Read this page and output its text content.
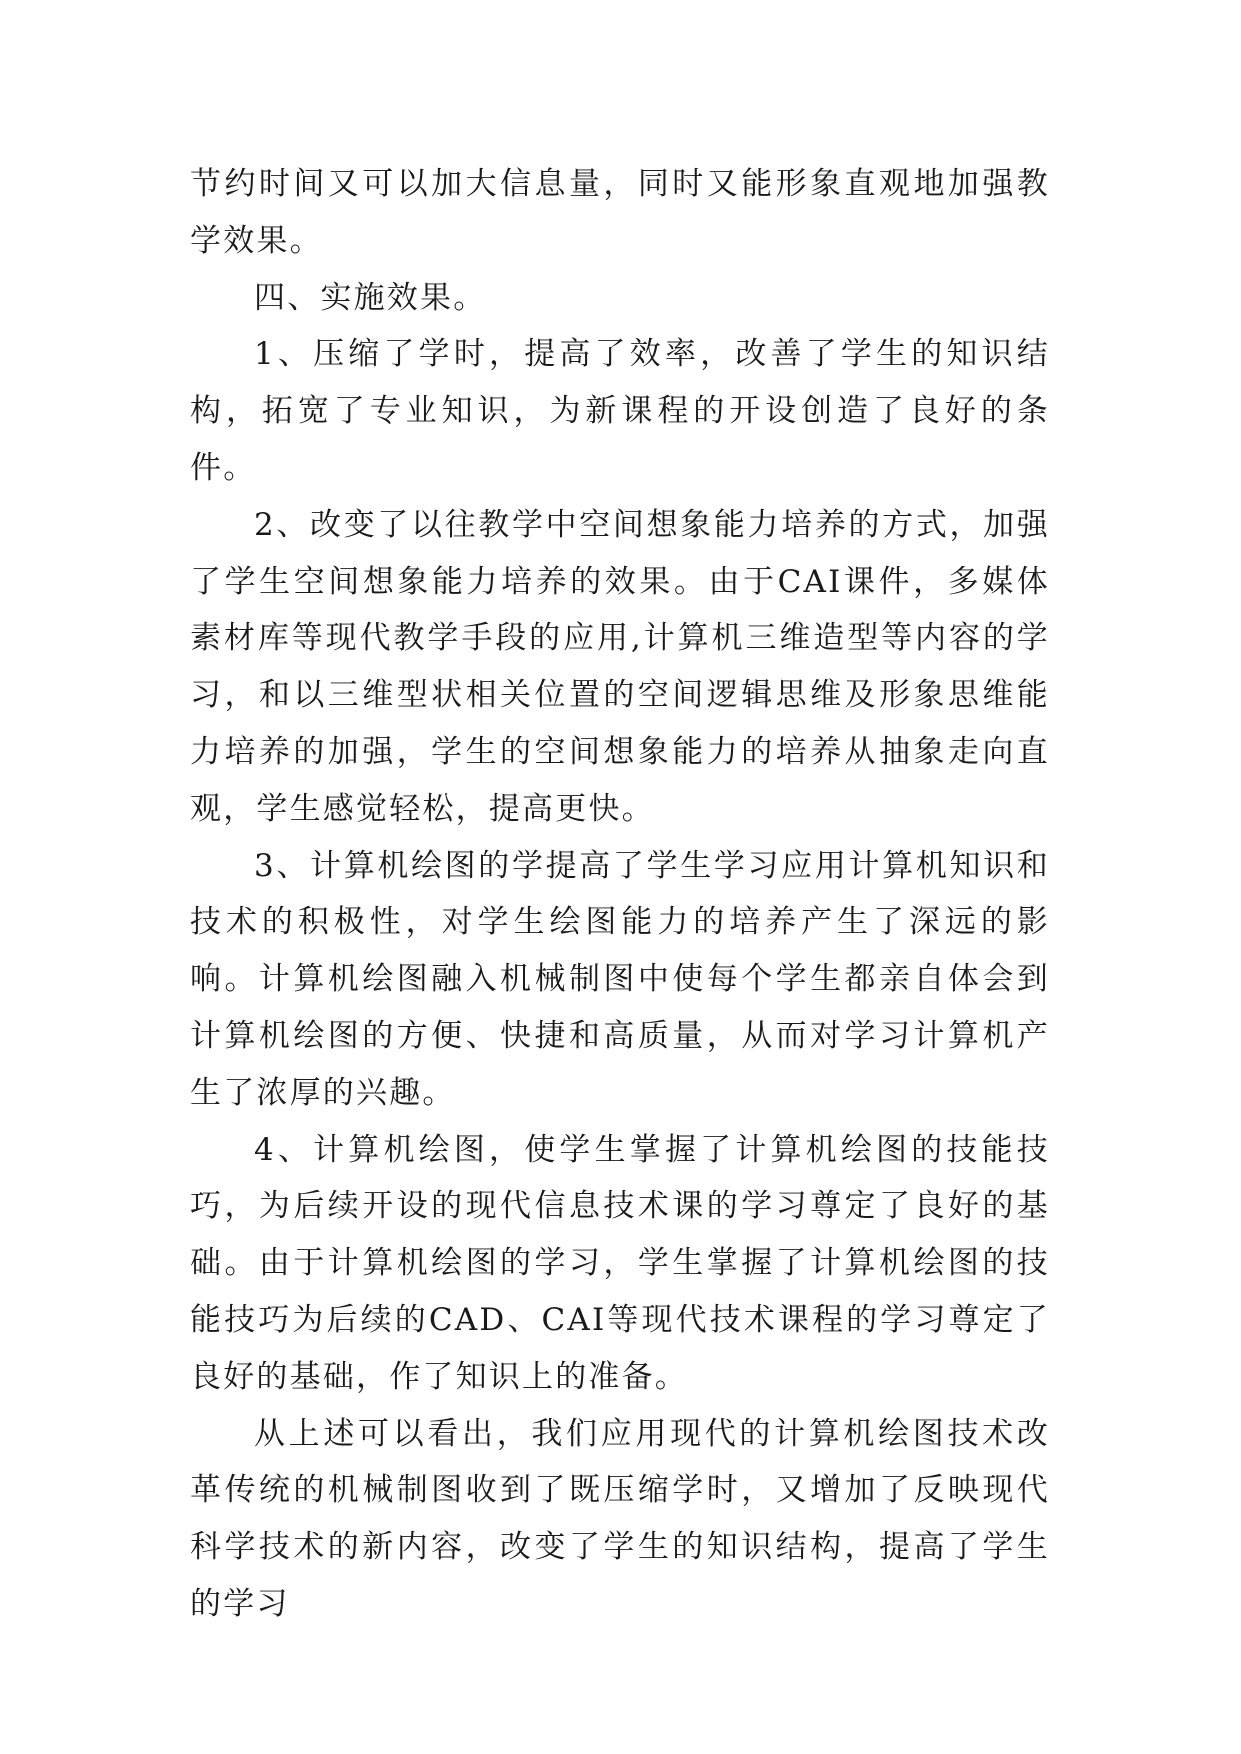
节约时间又可以加大信息量，同时又能形象直观地加强教学效果。

四、实施效果。

1、压缩了学时，提高了效率，改善了学生的知识结构，拓宽了专业知识，为新课程的开设创造了良好的条件。

2、改变了以往教学中空间想象能力培养的方式，加强了学生空间想象能力培养的效果。由于CAI课件，多媒体素材库等现代教学手段的应用,计算机三维造型等内容的学习，和以三维型状相关位置的空间逻辑思维及形象思维能力培养的加强，学生的空间想象能力的培养从抽象走向直观，学生感觉轻松，提高更快。

3、计算机绘图的学提高了学生学习应用计算机知识和技术的积极性，对学生绘图能力的培养产生了深远的影响。计算机绘图融入机械制图中使每个学生都亲自体会到计算机绘图的方便、快捷和高质量，从而对学习计算机产生了浓厚的兴趣。

4、计算机绘图，使学生掌握了计算机绘图的技能技巧，为后续开设的现代信息技术课的学习尊定了良好的基础。由于计算机绘图的学习，学生掌握了计算机绘图的技能技巧为后续的CAD、CAI等现代技术课程的学习尊定了良好的基础，作了知识上的准备。

从上述可以看出，我们应用现代的计算机绘图技术改革传统的机械制图收到了既压缩学时，又增加了反映现代科学技术的新内容，改变了学生的知识结构，提高了学生的学习
